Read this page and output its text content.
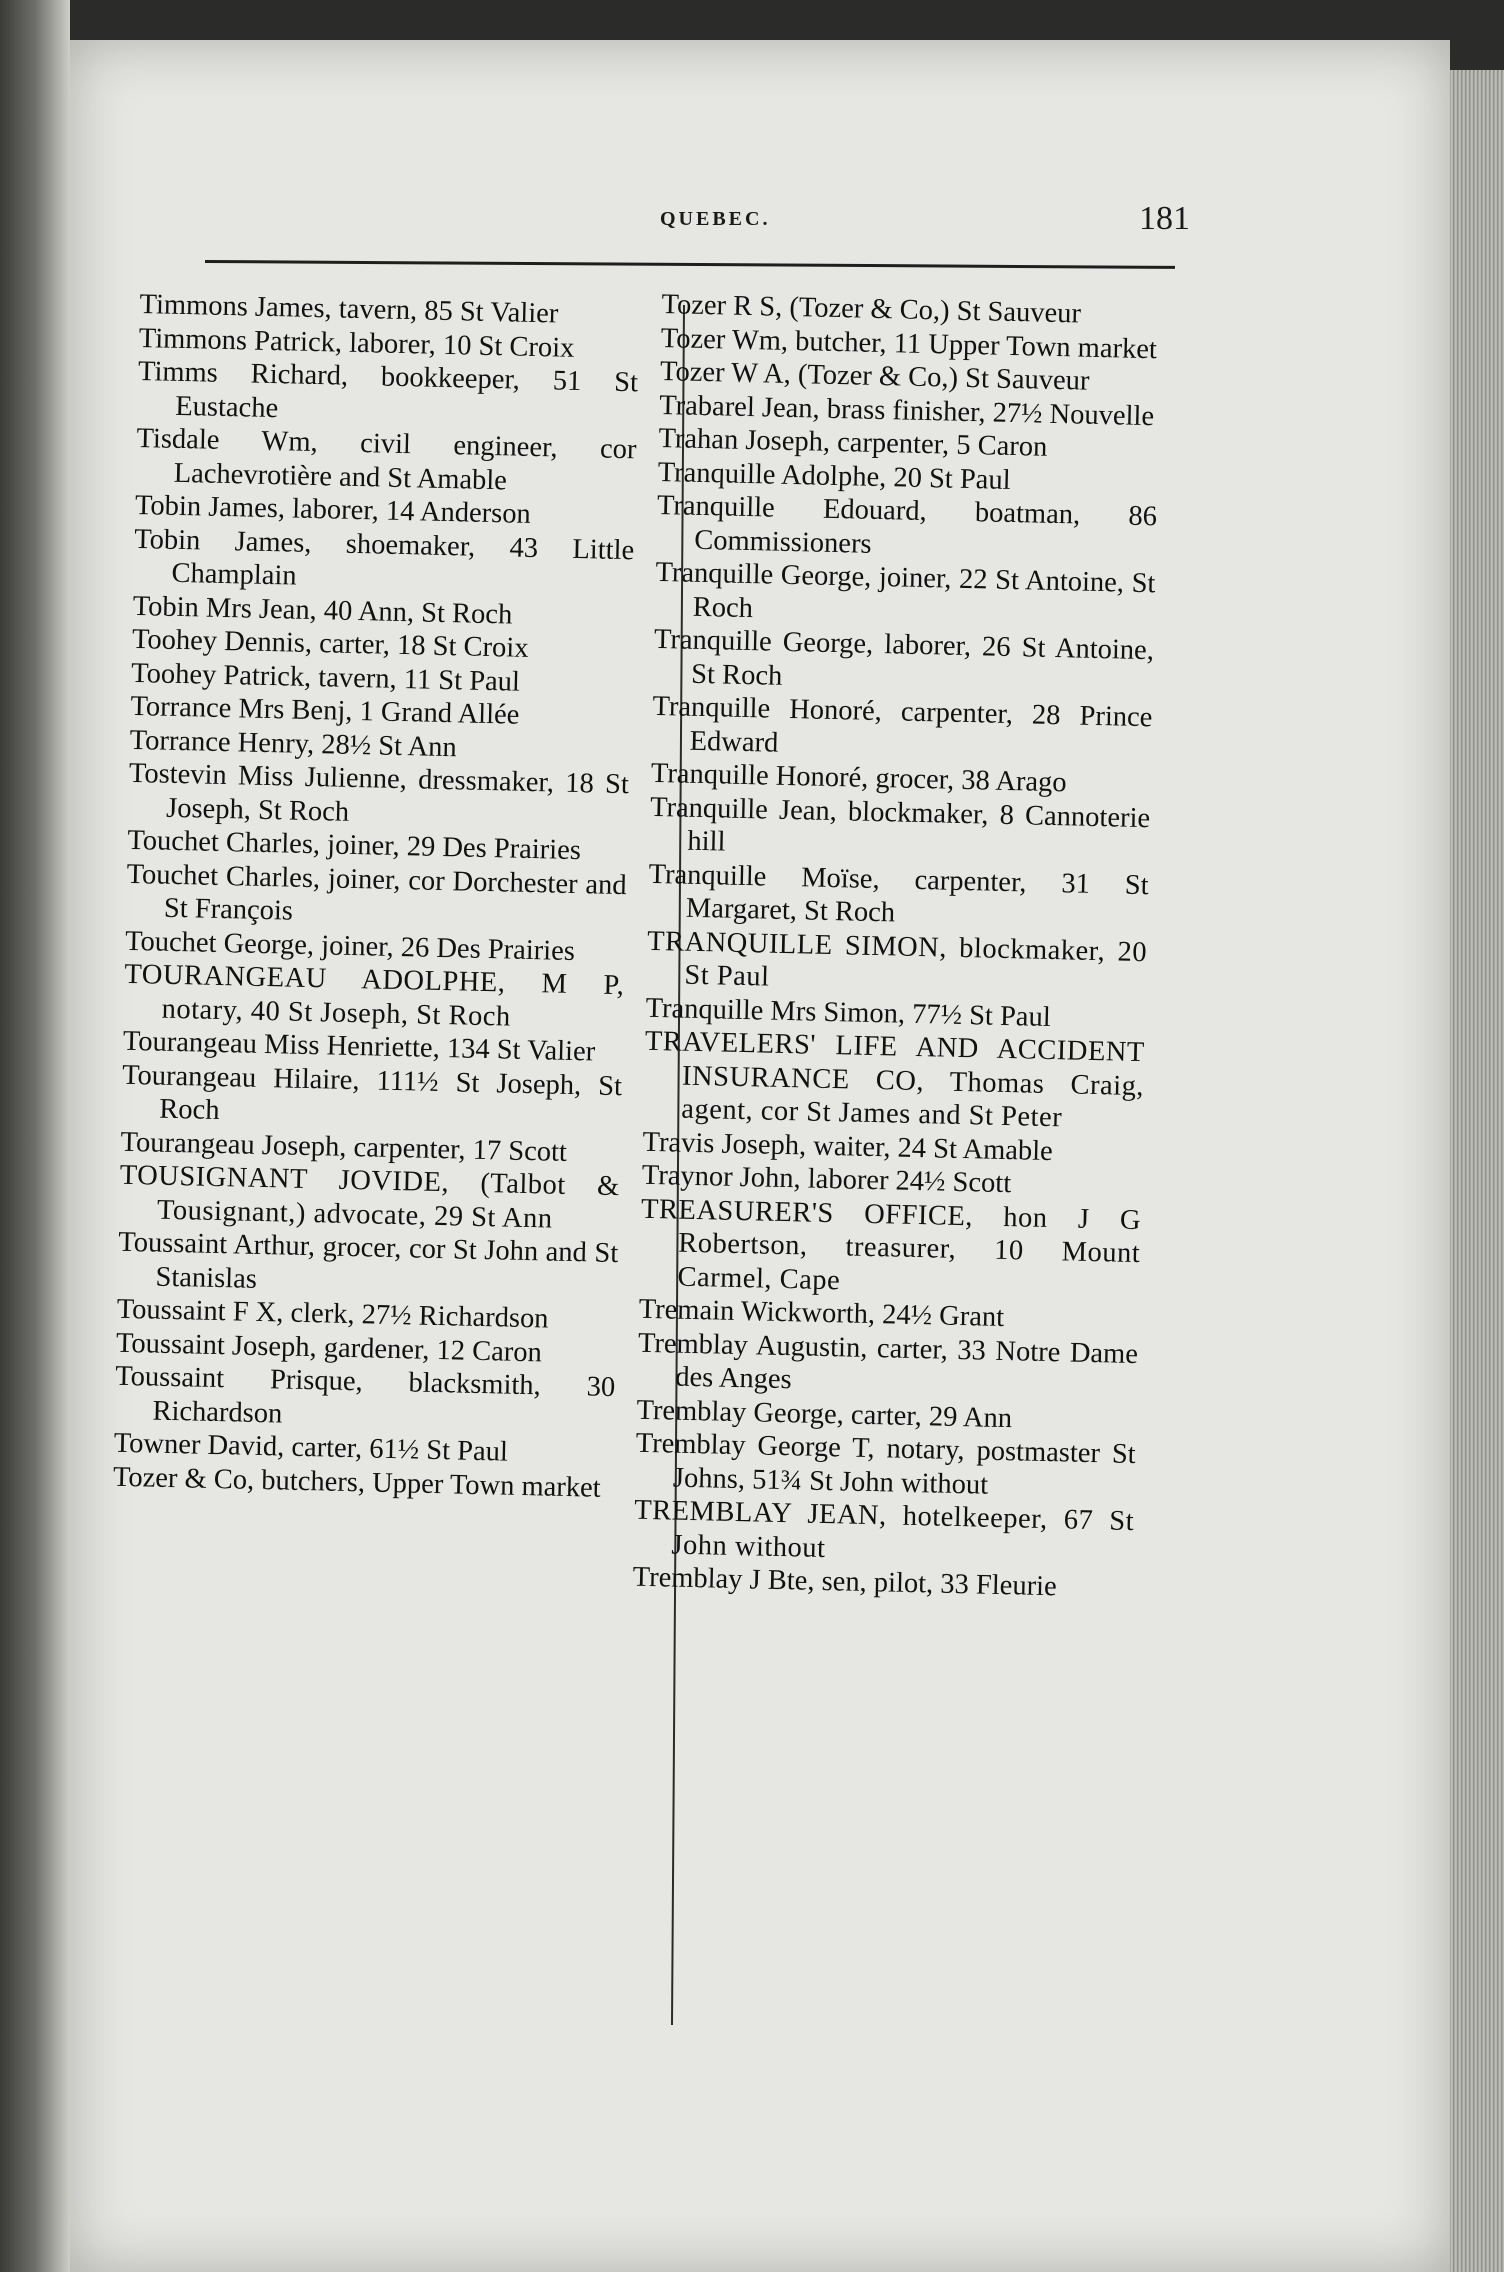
QUEBEC.	181

Timmons James, tavern, 85 St Valier

Timmons Patrick, laborer, 10 St Croix

Timms Richard, bookkeeper, 51 St Eustache

Tisdale Wm, civil engineer, cor Lachevrotière and St Amable

Tobin James, laborer, 14 Anderson

Tobin James, shoemaker, 43 Little Champlain

Tobin Mrs Jean, 40 Ann, St Roch

Toohey Dennis, carter, 18 St Croix

Toohey Patrick, tavern, 11 St Paul

Torrance Mrs Benj, 1 Grand Allée

Torrance Henry, 28½ St Ann

Tostevin Miss Julienne, dressmaker, 18 St Joseph, St Roch

Touchet Charles, joiner, 29 Des Prairies

Touchet Charles, joiner, cor Dorchester and St François

Touchet George, joiner, 26 Des Prairies

TOURANGEAU ADOLPHE, M P, notary, 40 St Joseph, St Roch

Tourangeau Miss Henriette, 134 St Valier

Tourangeau Hilaire, 111½ St Joseph, St Roch

Tourangeau Joseph, carpenter, 17 Scott

TOUSIGNANT JOVIDE, (Talbot & Tousignant,) advocate, 29 St Ann

Toussaint Arthur, grocer, cor St John and St Stanislas

Toussaint F X, clerk, 27½ Richardson

Toussaint Joseph, gardener, 12 Caron

Toussaint Prisque, blacksmith, 30 Richardson

Towner David, carter, 61½ St Paul

Tozer & Co, butchers, Upper Town market

Tozer R S, (Tozer & Co,) St Sauveur

Tozer Wm, butcher, 11 Upper Town market

Tozer W A, (Tozer & Co,) St Sauveur

Trabarel Jean, brass finisher, 27½ Nouvelle

Trahan Joseph, carpenter, 5 Caron

Tranquille Adolphe, 20 St Paul

Tranquille Edouard, boatman, 86 Commissioners

Tranquille George, joiner, 22 St Antoine, St Roch

Tranquille George, laborer, 26 St Antoine, St Roch

Tranquille Honoré, carpenter, 28 Prince Edward

Tranquille Honoré, grocer, 38 Arago

Tranquille Jean, blockmaker, 8 Cannoterie hill

Tranquille Moïse, carpenter, 31 St Margaret, St Roch

TRANQUILLE SIMON, blockmaker, 20 St Paul

Tranquille Mrs Simon, 77½ St Paul

TRAVELERS' LIFE AND ACCIDENT INSURANCE CO, Thomas Craig, agent, cor St James and St Peter

Travis Joseph, waiter, 24 St Amable

Traynor John, laborer 24½ Scott

TREASURER'S OFFICE, hon J G Robertson, treasurer, 10 Mount Carmel, Cape

Tremain Wickworth, 24½ Grant

Tremblay Augustin, carter, 33 Notre Dame des Anges

Tremblay George, carter, 29 Ann

Tremblay George T, notary, postmaster St Johns, 51¾ St John without

TREMBLAY JEAN, hotelkeeper, 67 St John without

Tremblay J Bte, sen, pilot, 33 Fleurie
